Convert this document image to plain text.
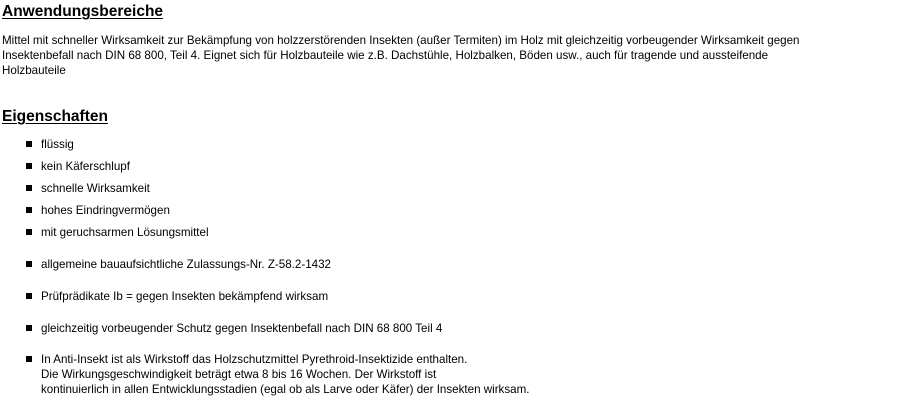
Anwendungsbereiche
Mittel mit schneller Wirksamkeit zur Bekämpfung von holzzerstörenden Insekten (außer Termiten) im Holz mit gleichzeitig vorbeugender Wirksamkeit gegen
Insektenbefall nach DIN 68 800, Teil 4. Eignet sich für Holzbauteile wie z.B. Dachstühle, Holzbalken, Böden usw., auch für tragende und aussteifende
Holzbauteile
Eigenschaften
flüssig
kein Käferschlupf
schnelle Wirksamkeit
hohes Eindringvermögen
mit geruchsarmen Lösungsmittel
allgemeine bauaufsichtliche Zulassungs-Nr. Z-58.2-1432
Prüfprädikate Ib = gegen Insekten bekämpfend wirksam
gleichzeitig vorbeugender Schutz gegen Insektenbefall nach DIN 68 800 Teil 4
In Anti-Insekt ist als Wirkstoff das Holzschutzmittel Pyrethroid-Insektizide enthalten.
Die Wirkungsgeschwindigkeit beträgt etwa 8 bis 16 Wochen. Der Wirkstoff ist
kontinuierlich in allen Entwicklungsstadien (egal ob als Larve oder Käfer) der Insekten wirksam.
